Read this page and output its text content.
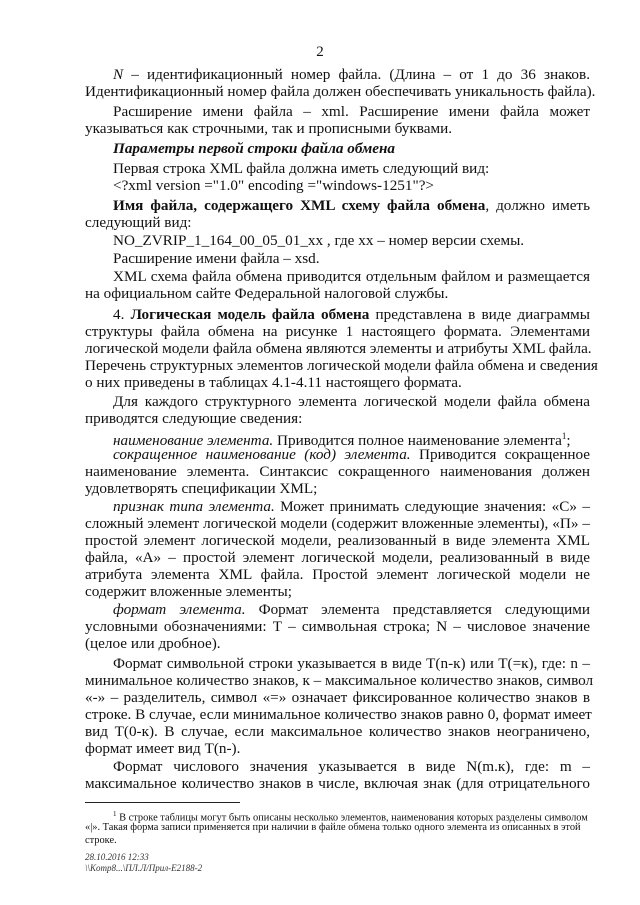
2
N – идентификационный номер файла. (Длина – от 1 до 36 знаков.
Идентификационный номер файла должен обеспечивать уникальность файла).
Расширение имени файла – xml. Расширение имени файла может
указываться как строчными, так и прописными буквами.
Параметры первой строки файла обмена
Первая строка XML файла должна иметь следующий вид:
<?xml version ="1.0" encoding ="windows-1251"?>
Имя файла, содержащего XML схему файла обмена, должно иметь
следующий вид:
NO_ZVRIP_1_164_00_05_01_xx , где хх – номер версии схемы.
Расширение имени файла – xsd.
XML схема файла обмена приводится отдельным файлом и размещается
на официальном сайте Федеральной налоговой службы.
4. Логическая модель файла обмена представлена в виде диаграммы
структуры файла обмена на рисунке 1 настоящего формата. Элементами
логической модели файла обмена являются элементы и атрибуты XML файла.
Перечень структурных элементов логической модели файла обмена и сведения
о них приведены в таблицах 4.1-4.11 настоящего формата.
Для каждого структурного элемента логической модели файла обмена
приводятся следующие сведения:
наименование элемента. Приводится полное наименование элемента$^1$;
сокращенное наименование (код) элемента. Приводится сокращенное
наименование элемента. Синтаксис сокращенного наименования должен
удовлетворять спецификации XML;
признак типа элемента. Может принимать следующие значения: «С» –
сложный элемент логической модели (содержит вложенные элементы), «П» –
простой элемент логической модели, реализованный в виде элемента XML
файла, «А» – простой элемент логической модели, реализованный в виде
атрибута элемента XML файла. Простой элемент логической модели не
содержит вложенные элементы;
формат элемента. Формат элемента представляется следующими
условными обозначениями: Т – символьная строка; N – числовое значение
(целое или дробное).
Формат символьной строки указывается в виде Т(n-к) или Т(=к), где: n –
минимальное количество знаков, к – максимальное количество знаков, символ
«-» – разделитель, символ «=» означает фиксированное количество знаков в
строке. В случае, если минимальное количество знаков равно 0, формат имеет
вид Т(0-к). В случае, если максимальное количество знаков неограничено,
формат имеет вид Т(n-).
Формат числового значения указывается в виде N(m.к), где: m –
максимальное количество знаков в числе, включая знак (для отрицательного
$^1$ В строке таблицы могут быть описаны несколько элементов, наименования которых разделены символом
«|». Такая форма записи применяется при наличии в файле обмена только одного элемента из описанных в этой
строке.
28.10.2016 12:33
\\Komp8...\ПЛ.Л/Прил-Е2188-2
